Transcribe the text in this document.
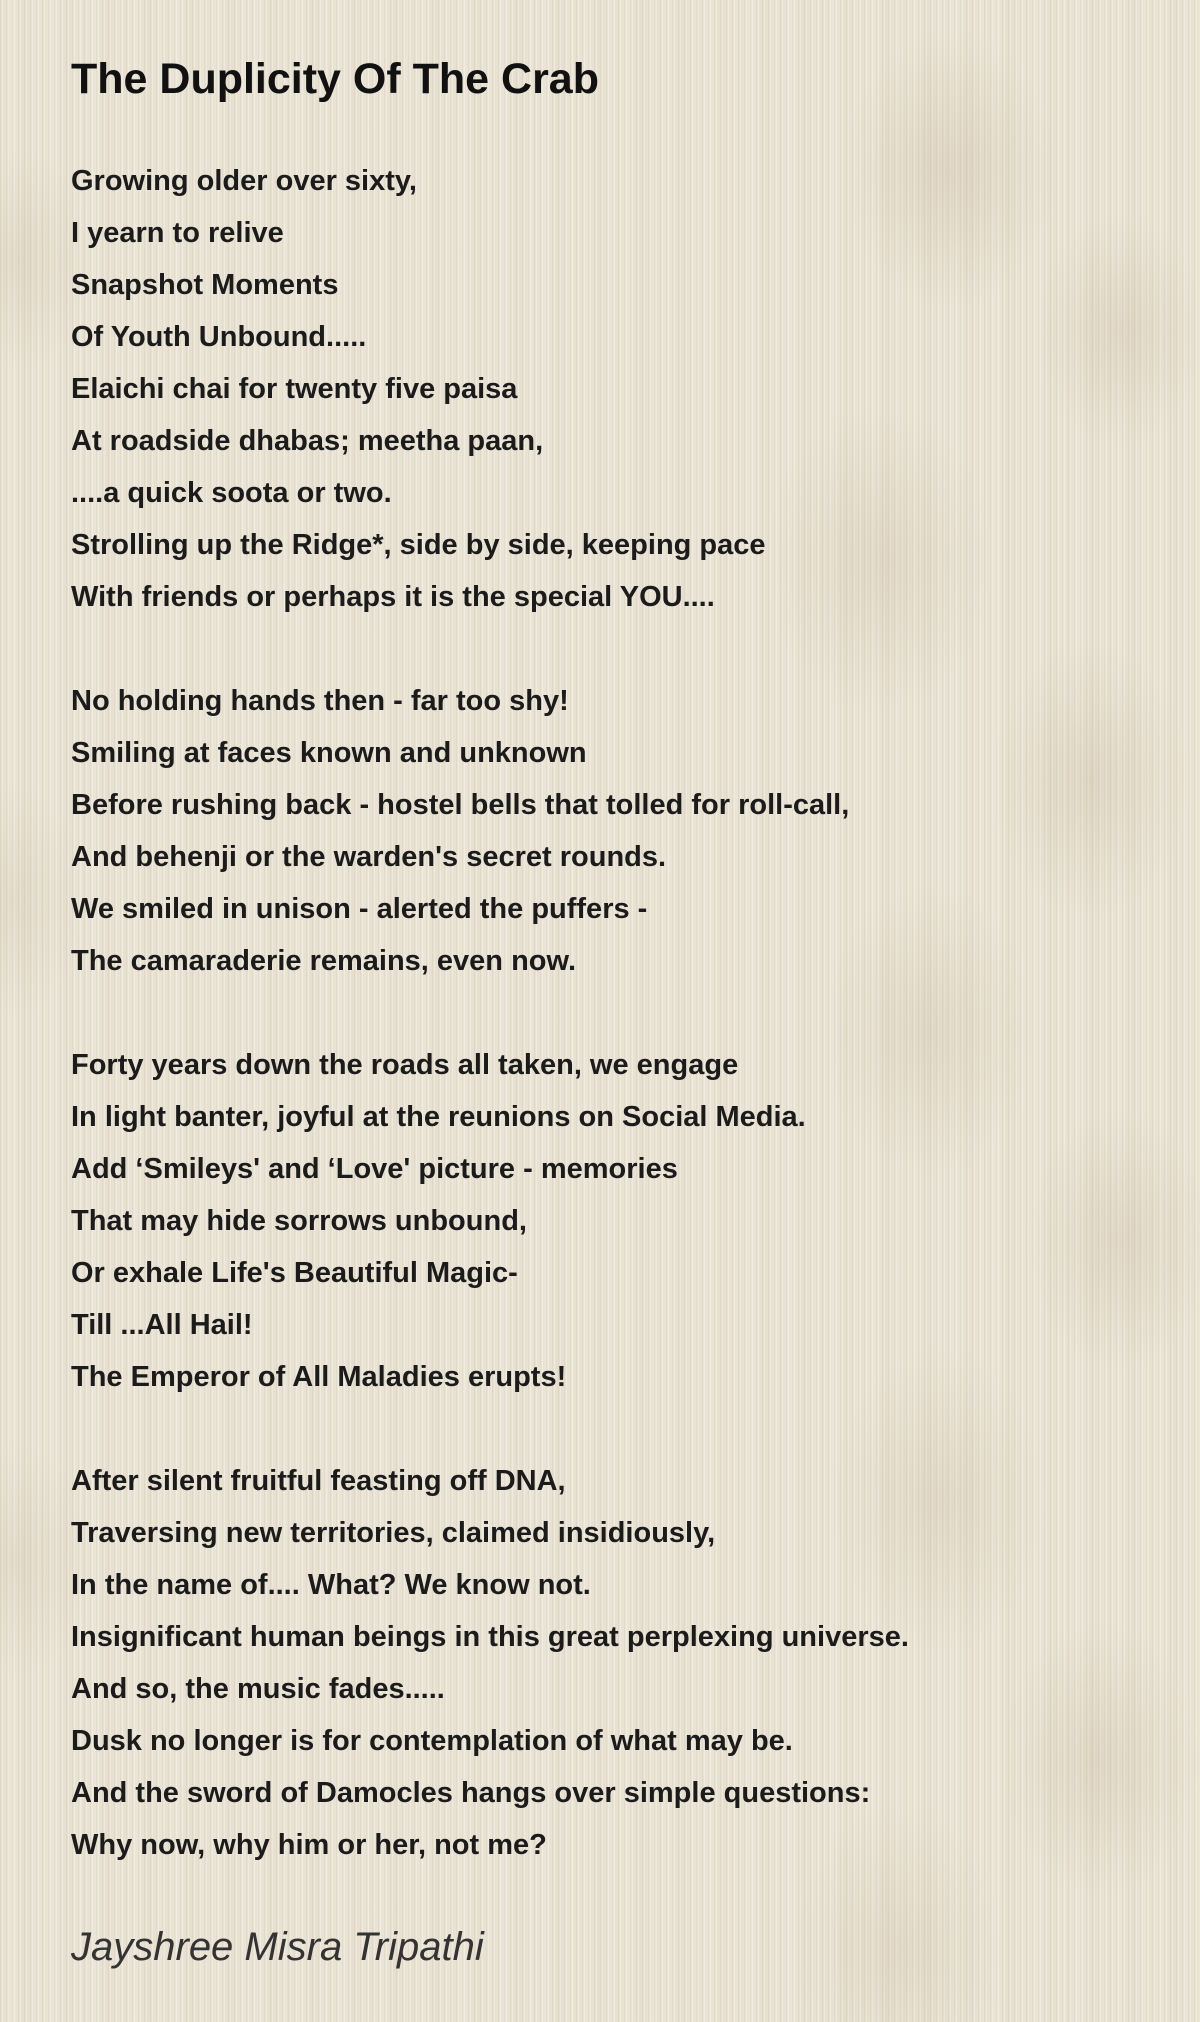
The Duplicity Of The Crab
Growing older over sixty,
I yearn to relive
Snapshot Moments
Of Youth Unbound.....
Elaichi chai for twenty five paisa
At roadside dhabas; meetha paan,
....a quick soota or two.
Strolling up the Ridge*, side by side, keeping pace
With friends or perhaps it is the special YOU....
No holding hands then - far too shy!
Smiling at faces known and unknown
Before rushing back - hostel bells that tolled for roll-call,
And behenji or the warden's secret rounds.
We smiled in unison - alerted the puffers -
The camaraderie remains, even now.
Forty years down the roads all taken, we engage
In light banter, joyful at the reunions on Social Media.
Add ‘Smileys' and ‘Love' picture - memories
That may hide sorrows unbound,
Or exhale Life's Beautiful Magic-
Till ...All Hail!
The Emperor of All Maladies erupts!
After silent fruitful feasting off DNA,
Traversing new territories, claimed insidiously,
In the name of.... What? We know not.
Insignificant human beings in this great perplexing universe.
And so, the music fades.....
Dusk no longer is for contemplation of what may be.
And the sword of Damocles hangs over simple questions:
Why now, why him or her, not me?
Jayshree Misra Tripathi
